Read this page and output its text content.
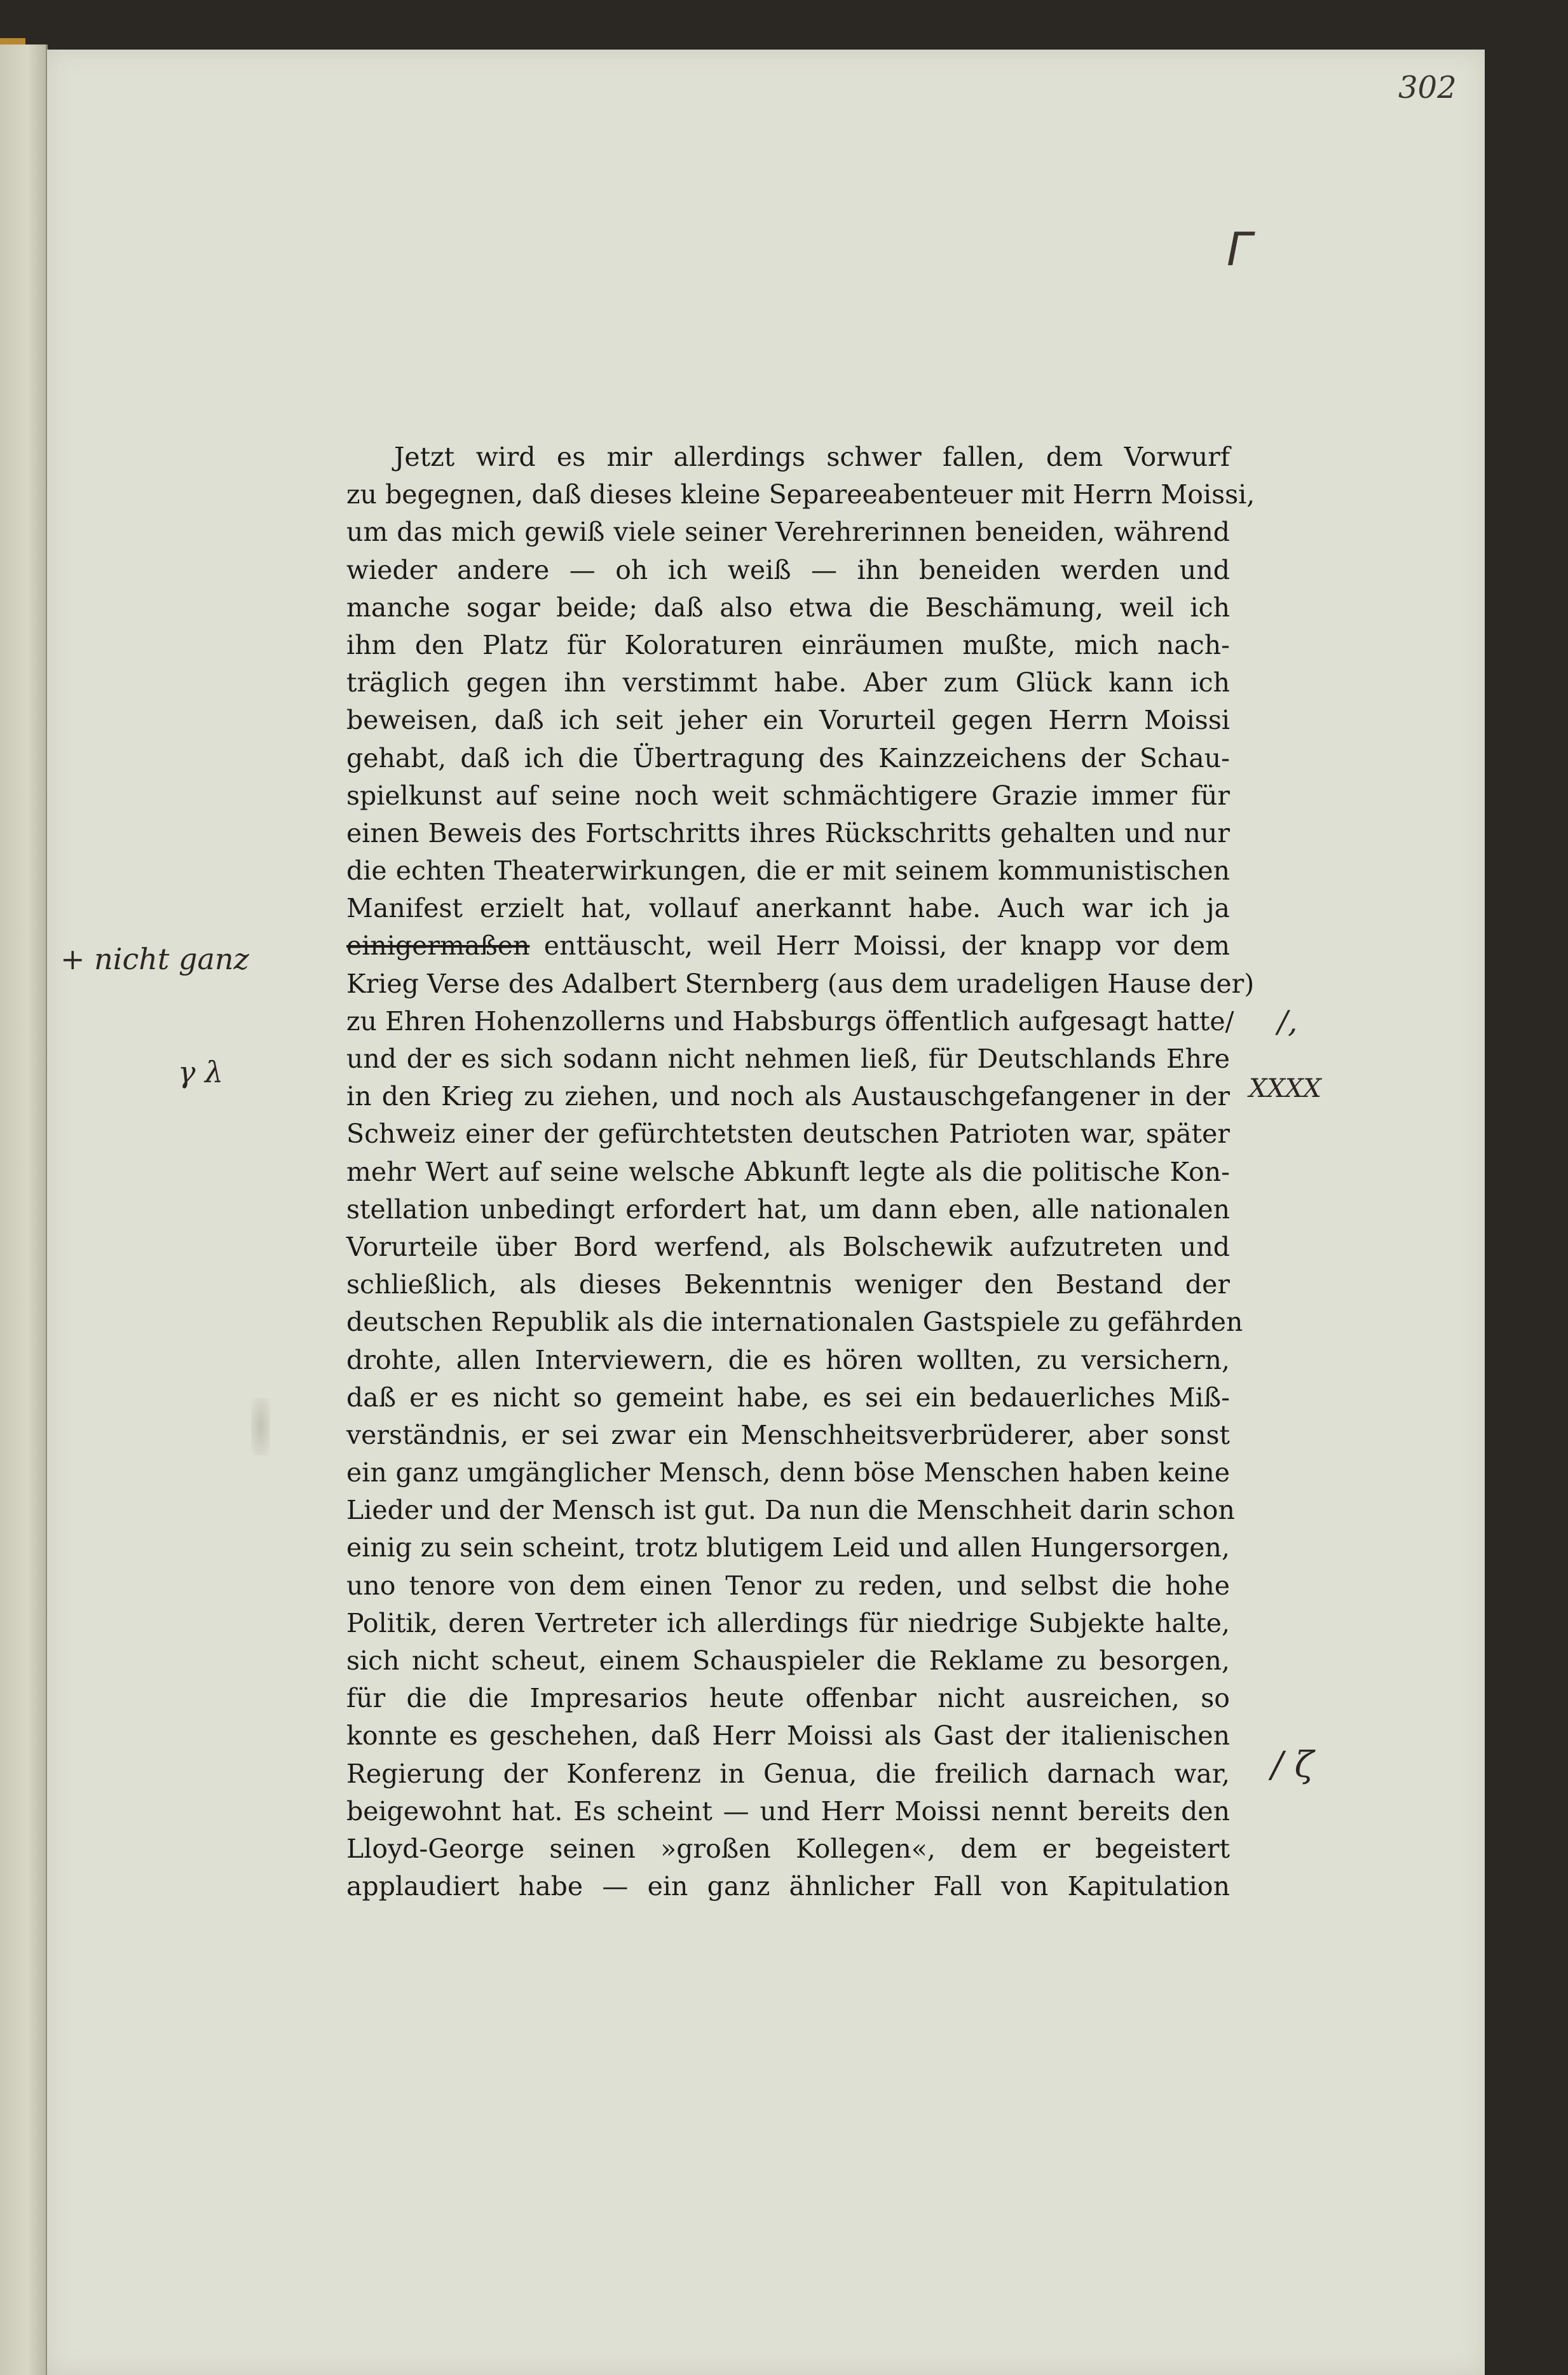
302
Γ
Jetzt wird es mir allerdings schwer fallen, dem Vorwurf
zu begegnen, daß dieses kleine Separeeabenteuer mit Herrn Moissi,
um das mich gewiß viele seiner Verehrerinnen beneiden, während
wieder andere — oh ich weiß — ihn beneiden werden und
manche sogar beide; daß also etwa die Beschämung, weil ich
ihm den Platz für Koloraturen einräumen mußte, mich nach-
träglich gegen ihn verstimmt habe. Aber zum Glück kann ich
beweisen, daß ich seit jeher ein Vorurteil gegen Herrn Moissi
gehabt, daß ich die Übertragung des Kainzzeichens der Schau-
spielkunst auf seine noch weit schmächtigere Grazie immer für
einen Beweis des Fortschritts ihres Rückschritts gehalten und nur
die echten Theaterwirkungen, die er mit seinem kommunistischen
Manifest erzielt hat, vollauf anerkannt habe. Auch war ich ja
einigermaßen enttäuscht, weil Herr Moissi, der knapp vor dem
Krieg Verse des Adalbert Sternberg (aus dem uradeligen Hause der)
zu Ehren Hohenzollerns und Habsburgs öffentlich aufgesagt hatte/
und der es sich sodann nicht nehmen ließ, für Deutschlands Ehre
in den Krieg zu ziehen, und noch als Austauschgefangener in der
Schweiz einer der gefürchtetsten deutschen Patrioten war, später
mehr Wert auf seine welsche Abkunft legte als die politische Kon-
stellation unbedingt erfordert hat, um dann eben, alle nationalen
Vorurteile über Bord werfend, als Bolschewik aufzutreten und
schließlich, als dieses Bekenntnis weniger den Bestand der
deutschen Republik als die internationalen Gastspiele zu gefährden
drohte, allen Interviewern, die es hören wollten, zu versichern,
daß er es nicht so gemeint habe, es sei ein bedauerliches Miß-
verständnis, er sei zwar ein Menschheitsverbrüderer, aber sonst
ein ganz umgänglicher Mensch, denn böse Menschen haben keine
Lieder und der Mensch ist gut. Da nun die Menschheit darin schon
einig zu sein scheint, trotz blutigem Leid und allen Hungersorgen,
uno tenore von dem einen Tenor zu reden, und selbst die hohe
Politik, deren Vertreter ich allerdings für niedrige Subjekte halte,
sich nicht scheut, einem Schauspieler die Reklame zu besorgen,
für die die Impresarios heute offenbar nicht ausreichen, so
konnte es geschehen, daß Herr Moissi als Gast der italienischen
Regierung der Konferenz in Genua, die freilich darnach war,
beigewohnt hat. Es scheint — und Herr Moissi nennt bereits den
Lloyd-George seinen »großen Kollegen«, dem er begeistert
applaudiert habe — ein ganz ähnlicher Fall von Kapitulation
+ nicht ganz
γ λ
/,
XXXX
/ ζ
